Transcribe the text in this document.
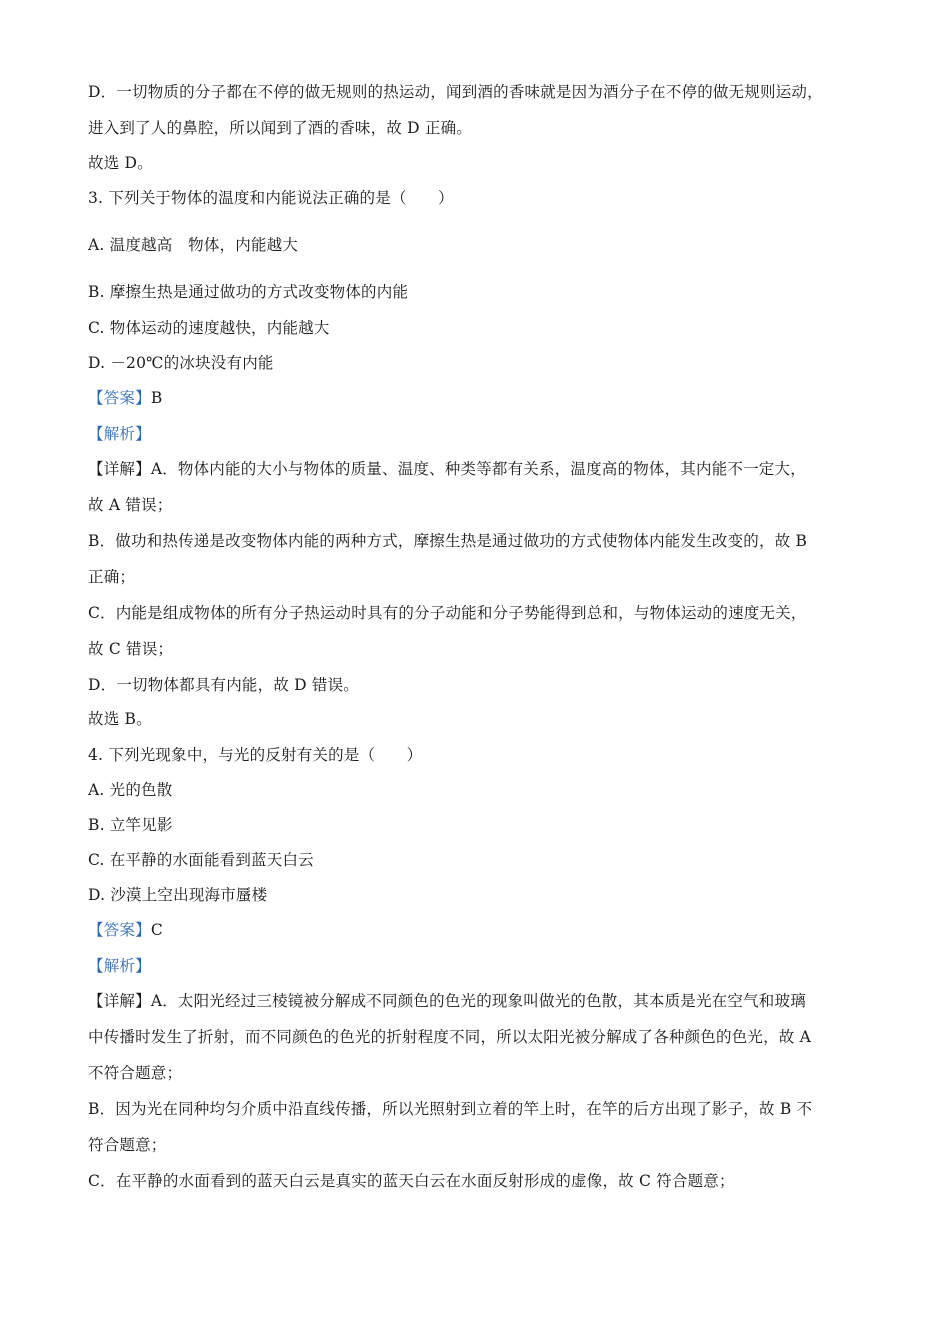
D．一切物质的分子都在不停的做无规则的热运动，闻到酒的香味就是因为酒分子在不停的做无规则运动，
进入到了人的鼻腔，所以闻到了酒的香味，故 D 正确。
故选 D。
3. 下列关于物体的温度和内能说法正确的是（　　）
A. 温度越高　物体，内能越大
B. 摩擦生热是通过做功的方式改变物体的内能
C. 物体运动的速度越快，内能越大
D. －20℃的冰块没有内能
【答案】B
【解析】
【详解】A．物体内能的大小与物体的质量、温度、种类等都有关系，温度高的物体，其内能不一定大，
故 A 错误；
B．做功和热传递是改变物体内能的两种方式，摩擦生热是通过做功的方式使物体内能发生改变的，故 B
正确；
C．内能是组成物体的所有分子热运动时具有的分子动能和分子势能得到总和，与物体运动的速度无关，
故 C 错误；
D．一切物体都具有内能，故 D 错误。
故选 B。
4. 下列光现象中，与光的反射有关的是（　　）
A. 光的色散
B. 立竿见影
C. 在平静的水面能看到蓝天白云
D. 沙漠上空出现海市蜃楼
【答案】C
【解析】
【详解】A．太阳光经过三棱镜被分解成不同颜色的色光的现象叫做光的色散，其本质是光在空气和玻璃
中传播时发生了折射，而不同颜色的色光的折射程度不同，所以太阳光被分解成了各种颜色的色光，故 A
不符合题意；
B．因为光在同种均匀介质中沿直线传播，所以光照射到立着的竿上时，在竿的后方出现了影子，故 B 不
符合题意；
C．在平静的水面看到的蓝天白云是真实的蓝天白云在水面反射形成的虚像，故 C 符合题意；
